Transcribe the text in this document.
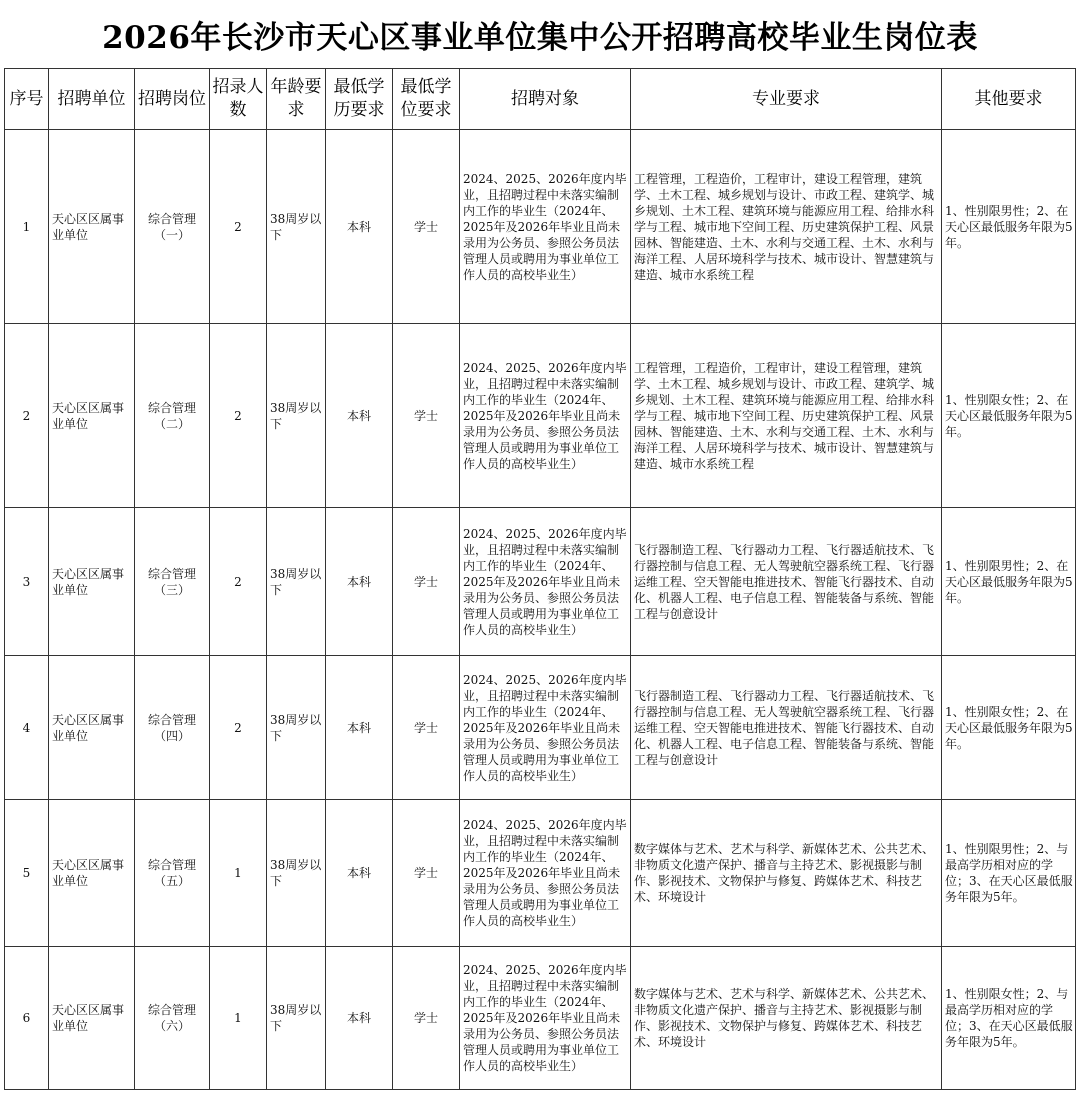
2026年长沙市天心区事业单位集中公开招聘高校毕业生岗位表
序号	招聘单位	招聘岗位	招录人数	年龄要求	最低学历要求	最低学位要求	招聘对象	专业要求	其他要求
1	天心区区属事业单位	综合管理（一）	2	38周岁以下	本科	学士	2024、2025、2026年度内毕业，且招聘过程中未落实编制内工作的毕业生（2024年、2025年及2026年毕业且尚未录用为公务员、参照公务员法管理人员或聘用为事业单位工作人员的高校毕业生）	工程管理，工程造价，工程审计，建设工程管理，建筑学、土木工程、城乡规划与设计、市政工程、建筑学、城乡规划、土木工程、建筑环境与能源应用工程、给排水科学与工程、城市地下空间工程、历史建筑保护工程、风景园林、智能建造、土木、水利与交通工程、土木、水利与海洋工程、人居环境科学与技术、城市设计、智慧建筑与建造、城市水系统工程	1、性别限男性；2、在天心区最低服务年限为5年。
2	天心区区属事业单位	综合管理（二）	2	38周岁以下	本科	学士	2024、2025、2026年度内毕业，且招聘过程中未落实编制内工作的毕业生（2024年、2025年及2026年毕业且尚未录用为公务员、参照公务员法管理人员或聘用为事业单位工作人员的高校毕业生）	工程管理，工程造价，工程审计，建设工程管理，建筑学、土木工程、城乡规划与设计、市政工程、建筑学、城乡规划、土木工程、建筑环境与能源应用工程、给排水科学与工程、城市地下空间工程、历史建筑保护工程、风景园林、智能建造、土木、水利与交通工程、土木、水利与海洋工程、人居环境科学与技术、城市设计、智慧建筑与建造、城市水系统工程	1、性别限女性；2、在天心区最低服务年限为5年。
3	天心区区属事业单位	综合管理（三）	2	38周岁以下	本科	学士	2024、2025、2026年度内毕业，且招聘过程中未落实编制内工作的毕业生（2024年、2025年及2026年毕业且尚未录用为公务员、参照公务员法管理人员或聘用为事业单位工作人员的高校毕业生）	飞行器制造工程、飞行器动力工程、飞行器适航技术、飞行器控制与信息工程、无人驾驶航空器系统工程、飞行器运维工程、空天智能电推进技术、智能飞行器技术、自动化、机器人工程、电子信息工程、智能装备与系统、智能工程与创意设计	1、性别限男性；2、在天心区最低服务年限为5年。
4	天心区区属事业单位	综合管理（四）	2	38周岁以下	本科	学士	2024、2025、2026年度内毕业，且招聘过程中未落实编制内工作的毕业生（2024年、2025年及2026年毕业且尚未录用为公务员、参照公务员法管理人员或聘用为事业单位工作人员的高校毕业生）	飞行器制造工程、飞行器动力工程、飞行器适航技术、飞行器控制与信息工程、无人驾驶航空器系统工程、飞行器运维工程、空天智能电推进技术、智能飞行器技术、自动化、机器人工程、电子信息工程、智能装备与系统、智能工程与创意设计	1、性别限女性；2、在天心区最低服务年限为5年。
5	天心区区属事业单位	综合管理（五）	1	38周岁以下	本科	学士	2024、2025、2026年度内毕业，且招聘过程中未落实编制内工作的毕业生（2024年、2025年及2026年毕业且尚未录用为公务员、参照公务员法管理人员或聘用为事业单位工作人员的高校毕业生）	数字媒体与艺术、艺术与科学、新媒体艺术、公共艺术、非物质文化遗产保护、播音与主持艺术、影视摄影与制作、影视技术、文物保护与修复、跨媒体艺术、科技艺术、环境设计	1、性别限男性；2、与最高学历相对应的学位；3、在天心区最低服务年限为5年。
6	天心区区属事业单位	综合管理（六）	1	38周岁以下	本科	学士	2024、2025、2026年度内毕业，且招聘过程中未落实编制内工作的毕业生（2024年、2025年及2026年毕业且尚未录用为公务员、参照公务员法管理人员或聘用为事业单位工作人员的高校毕业生）	数字媒体与艺术、艺术与科学、新媒体艺术、公共艺术、非物质文化遗产保护、播音与主持艺术、影视摄影与制作、影视技术、文物保护与修复、跨媒体艺术、科技艺术、环境设计	1、性别限女性；2、与最高学历相对应的学位；3、在天心区最低服务年限为5年。
